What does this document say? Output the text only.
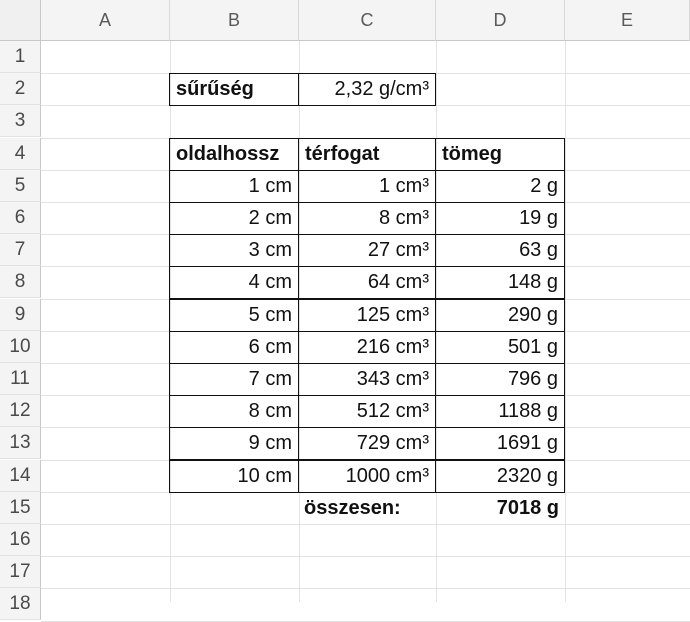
A	B	C	D	E
1
2
3
4
5
6
7
8
9
10
11
12
13
14
15
16
17
18
sűrűség	2,32 g/cm³
oldalhossz	térfogat	tömeg
1 cm	1 cm³	2 g
2 cm	8 cm³	19 g
3 cm	27 cm³	63 g
4 cm	64 cm³	148 g
5 cm	125 cm³	290 g
6 cm	216 cm³	501 g
7 cm	343 cm³	796 g
8 cm	512 cm³	1188 g
9 cm	729 cm³	1691 g
10 cm	1000 cm³	2320 g
összesen:	7018 g
